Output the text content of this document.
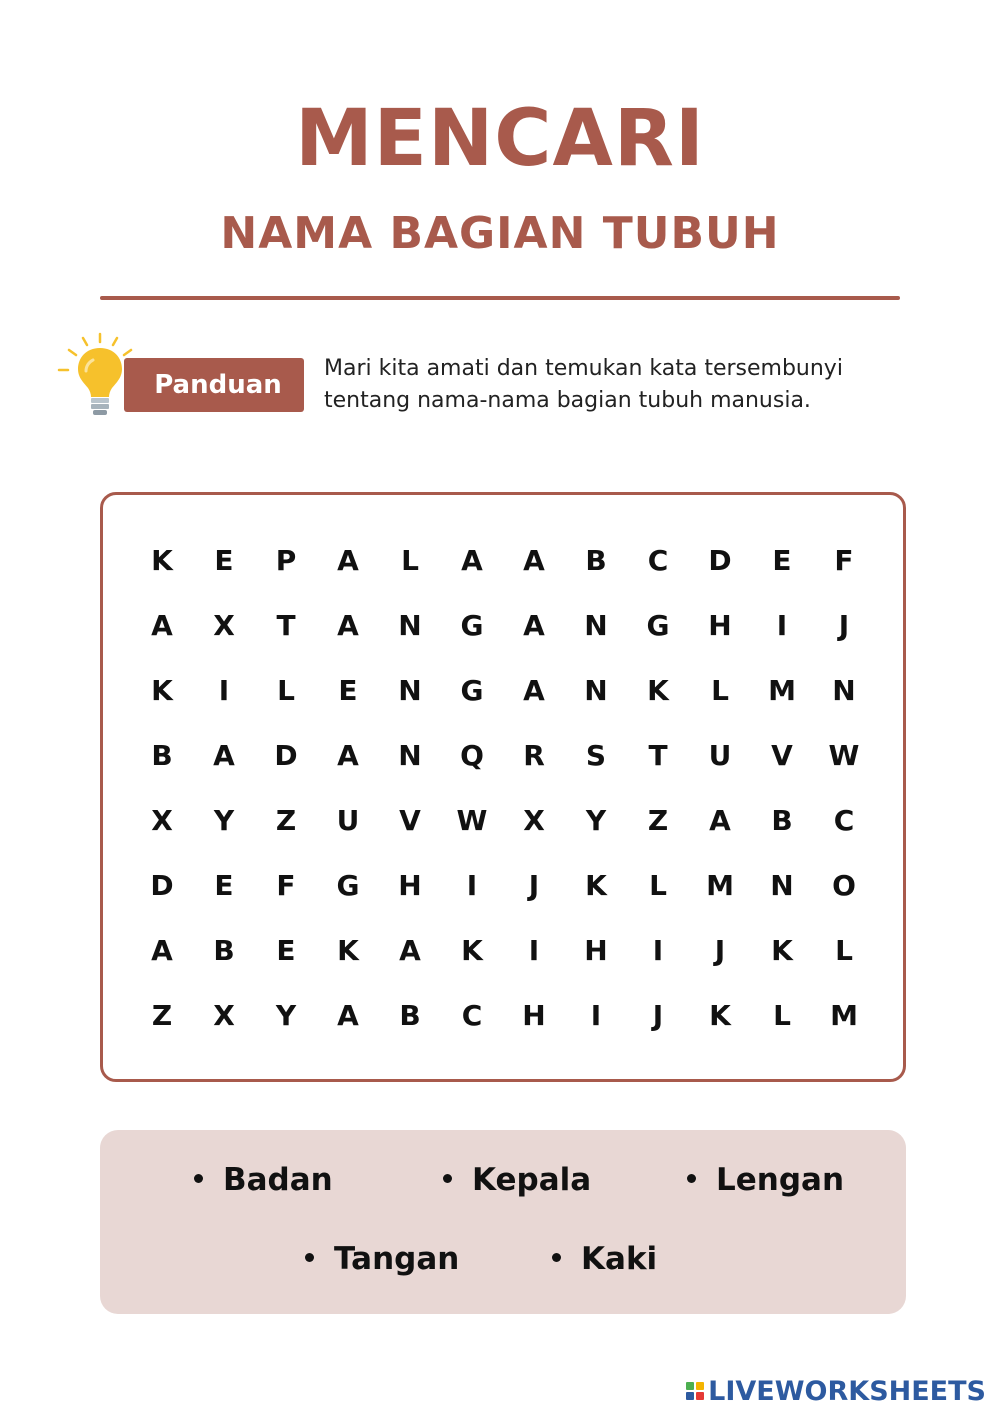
MENCARI
NAMA BAGIAN TUBUH
Panduan
Mari kita amati dan temukan kata tersembunyi
tentang nama-nama bagian tubuh manusia.
K	E	P	A	L	A	A	B	C	D	E	F
A	X	T	A	N	G	A	N	G	H	I	J
K	I	L	E	N	G	A	N	K	L	M	N
B	A	D	A	N	Q	R	S	T	U	V	W
X	Y	Z	U	V	W	X	Y	Z	A	B	C
D	E	F	G	H	I	J	K	L	M	N	O
A	B	E	K	A	K	I	H	I	J	K	L
Z	X	Y	A	B	C	H	I	J	K	L	M
Badan	Kepala	Lengan
Tangan	Kaki
LIVEWORKSHEETS
